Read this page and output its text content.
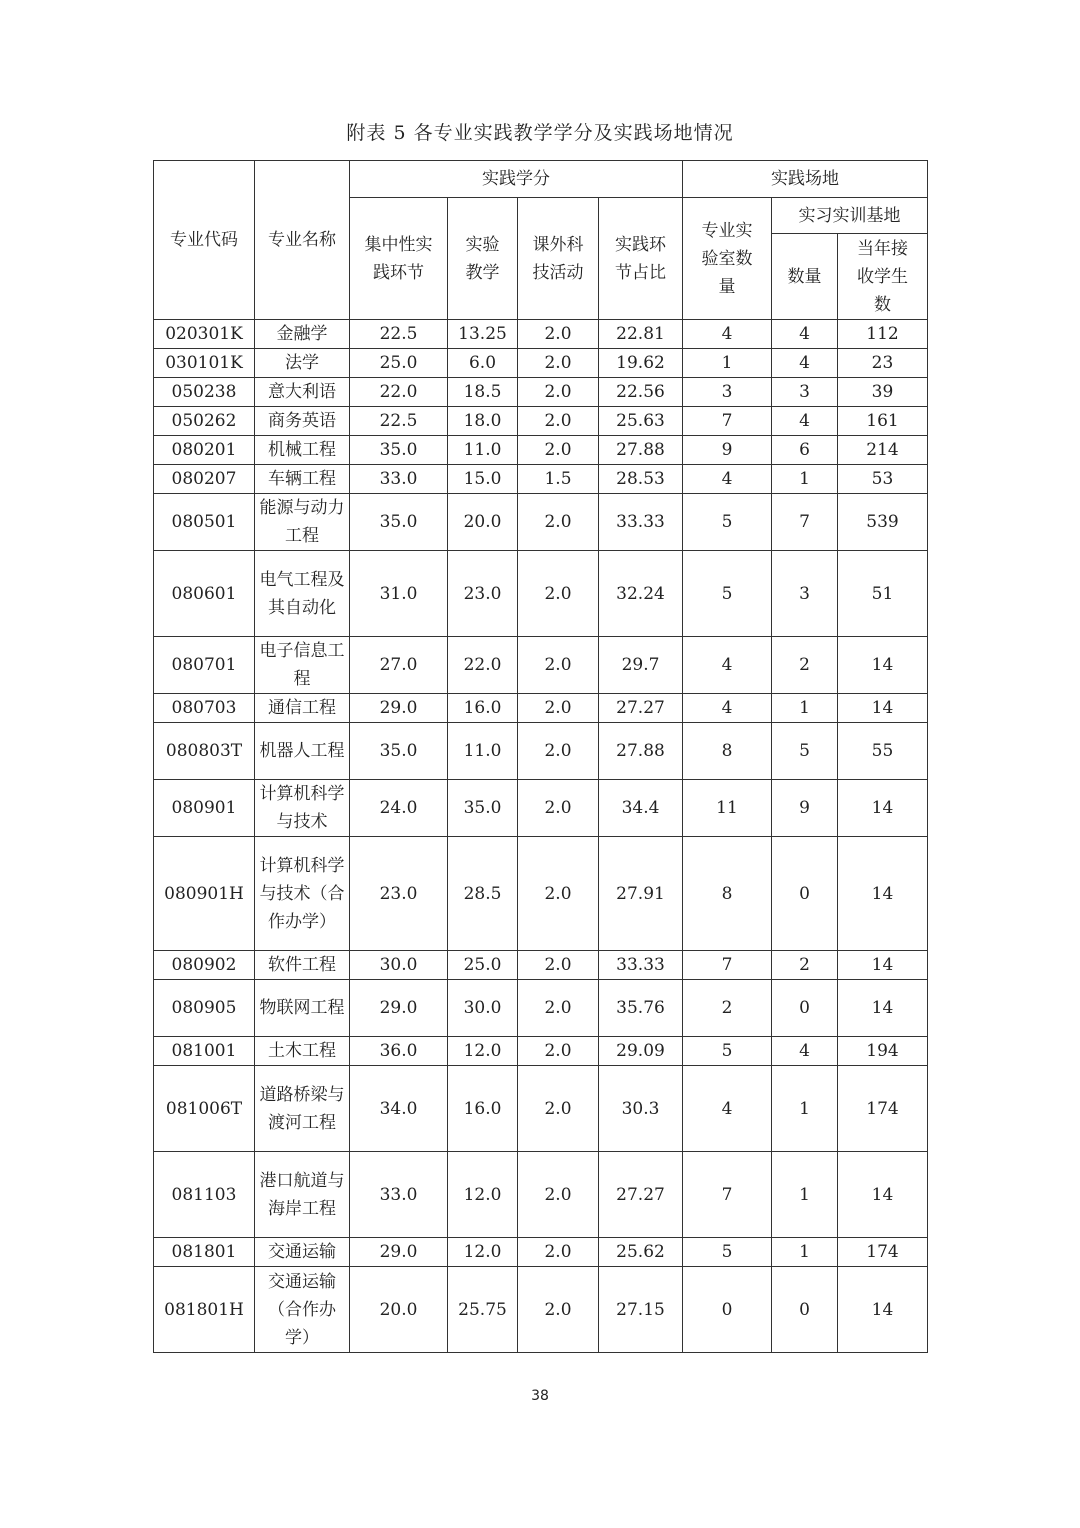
附表 5 各专业实践教学学分及实践场地情况
专业代码	专业名称	实践学分				实践场地		
		集中性实践环节	实验教学	课外科技活动	实践环节占比	专业实验室数量	实习实训基地	
							数量	当年接收学生数
020301K	金融学	22.5	13.25	2.0	22.81	4	4	112
030101K	法学	25.0	6.0	2.0	19.62	1	4	23
050238	意大利语	22.0	18.5	2.0	22.56	3	3	39
050262	商务英语	22.5	18.0	2.0	25.63	7	4	161
080201	机械工程	35.0	11.0	2.0	27.88	9	6	214
080207	车辆工程	33.0	15.0	1.5	28.53	4	1	53
080501	能源与动力工程	35.0	20.0	2.0	33.33	5	7	539
080601	电气工程及其自动化	31.0	23.0	2.0	32.24	5	3	51
080701	电子信息工程	27.0	22.0	2.0	29.7	4	2	14
080703	通信工程	29.0	16.0	2.0	27.27	4	1	14
080803T	机器人工程	35.0	11.0	2.0	27.88	8	5	55
080901	计算机科学与技术	24.0	35.0	2.0	34.4	11	9	14
080901H	计算机科学与技术（合作办学）	23.0	28.5	2.0	27.91	8	0	14
080902	软件工程	30.0	25.0	2.0	33.33	7	2	14
080905	物联网工程	29.0	30.0	2.0	35.76	2	0	14
081001	土木工程	36.0	12.0	2.0	29.09	5	4	194
081006T	道路桥梁与渡河工程	34.0	16.0	2.0	30.3	4	1	174
081103	港口航道与海岸工程	33.0	12.0	2.0	27.27	7	1	14
081801	交通运输	29.0	12.0	2.0	25.62	5	1	174
081801H	交通运输（合作办学）	20.0	25.75	2.0	27.15	0	0	14
38
